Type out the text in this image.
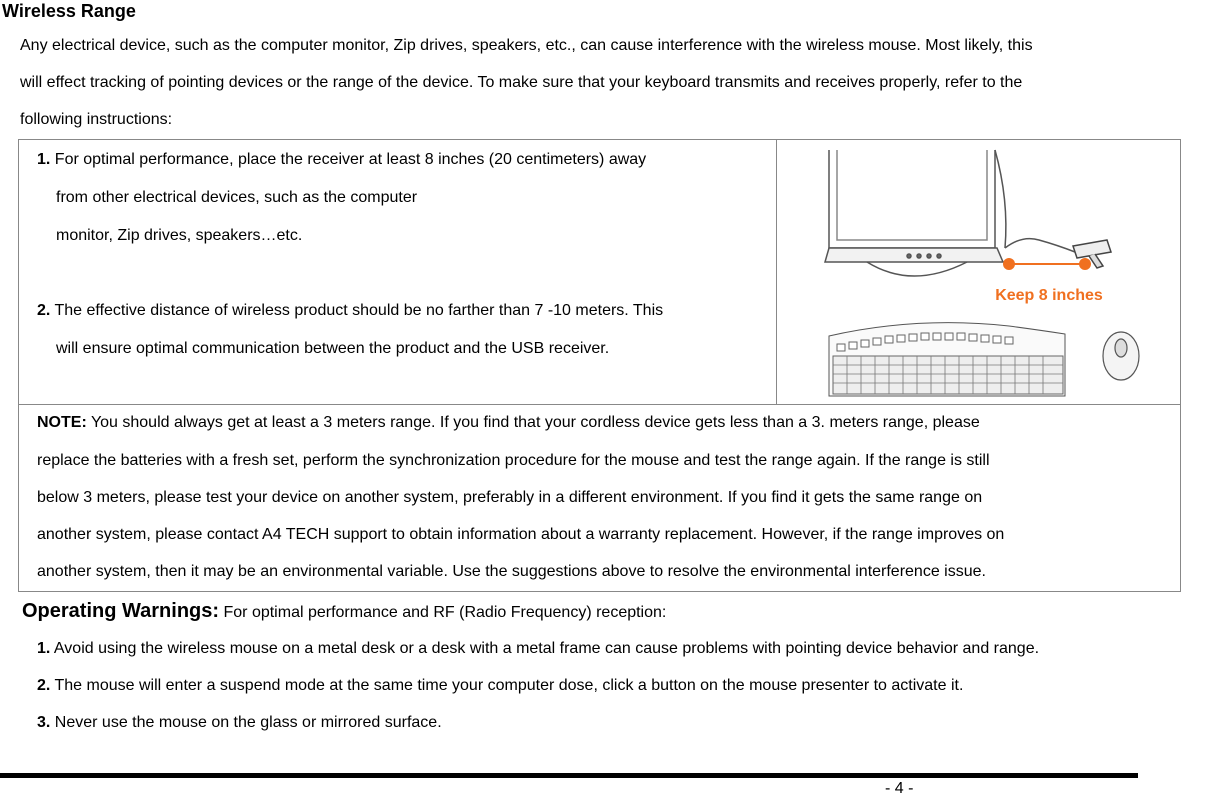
Wireless Range
Any electrical device, such as the computer monitor, Zip drives, speakers, etc., can cause interference with the wireless mouse. Most likely, this
will effect tracking of pointing devices or the range of the device. To make sure that your keyboard transmits and receives properly, refer to the
following instructions:
1. For optimal performance, place the receiver at least 8 inches (20 centimeters) away
from other electrical devices, such as the computer
monitor, Zip drives, speakers…etc.
2. The effective distance of wireless product should be no farther than 7 -10 meters. This
will ensure optimal communication between the product and the USB receiver.
Keep 8 inches
NOTE: You should always get at least a 3 meters range. If you find that your cordless device gets less than a 3. meters range, please
replace the batteries with a fresh set, perform the synchronization procedure for the mouse and test the range again. If the range is still
below 3 meters, please test your device on another system, preferably in a different environment. If you find it gets the same range on
another system, please contact A4 TECH support to obtain information about a warranty replacement. However, if the range improves on
another system, then it may be an environmental variable. Use the suggestions above to resolve the environmental interference issue.
Operating Warnings: For optimal performance and RF (Radio Frequency) reception:
1. Avoid using the wireless mouse on a metal desk or a desk with a metal frame can cause problems with pointing device behavior and range.
2. The mouse will enter a suspend mode at the same time your computer dose, click a button on the mouse presenter to activate it.
3. Never use the mouse on the glass or mirrored surface.
- 4 -
